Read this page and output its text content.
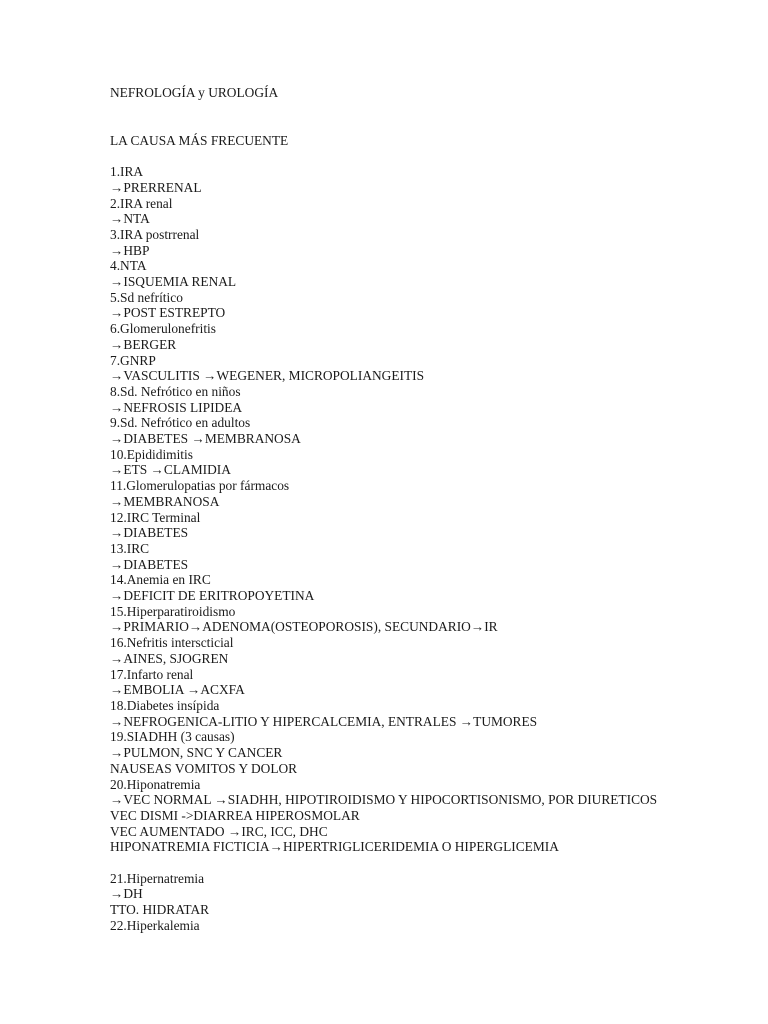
NEFROLOGÍA y UROLOGÍA
LA CAUSA MÁS FRECUENTE
1.IRA
→PRERRENAL
2.IRA renal
→NTA
3.IRA postrrenal
→HBP
4.NTA
→ISQUEMIA RENAL
5.Sd nefrítico
→POST ESTREPTO
6.Glomerulonefritis
→BERGER
7.GNRP
→VASCULITIS →WEGENER, MICROPOLIANGEITIS
8.Sd. Nefrótico en niños
→NEFROSIS LIPIDEA
9.Sd. Nefrótico en adultos
→DIABETES →MEMBRANOSA
10.Epididimitis
→ETS →CLAMIDIA
11.Glomerulopatias por fármacos
→MEMBRANOSA
12.IRC Terminal
→DIABETES
13.IRC
→DIABETES
14.Anemia en IRC
→DEFICIT DE ERITROPOYETINA
15.Hiperparatiroidismo
→PRIMARIO→ADENOMA(OSTEOPOROSIS), SECUNDARIO→IR
16.Nefritis interscticial
→AINES, SJOGREN
17.Infarto renal
→EMBOLIA →ACXFA
18.Diabetes insípida
→NEFROGENICA-LITIO Y HIPERCALCEMIA, ENTRALES →TUMORES
19.SIADHH (3 causas)
→PULMON, SNC Y CANCER
NAUSEAS VOMITOS Y DOLOR
20.Hiponatremia
→VEC NORMAL →SIADHH, HIPOTIROIDISMO Y HIPOCORTISONISMO, POR DIURETICOS
VEC DISMI ->DIARREA HIPEROSMOLAR
VEC AUMENTADO →IRC, ICC, DHC
HIPONATREMIA FICTICIA→HIPERTRIGLICERIDEMIA O HIPERGLICEMIA
21.Hipernatremia
→DH
TTO. HIDRATAR
22.Hiperkalemia
